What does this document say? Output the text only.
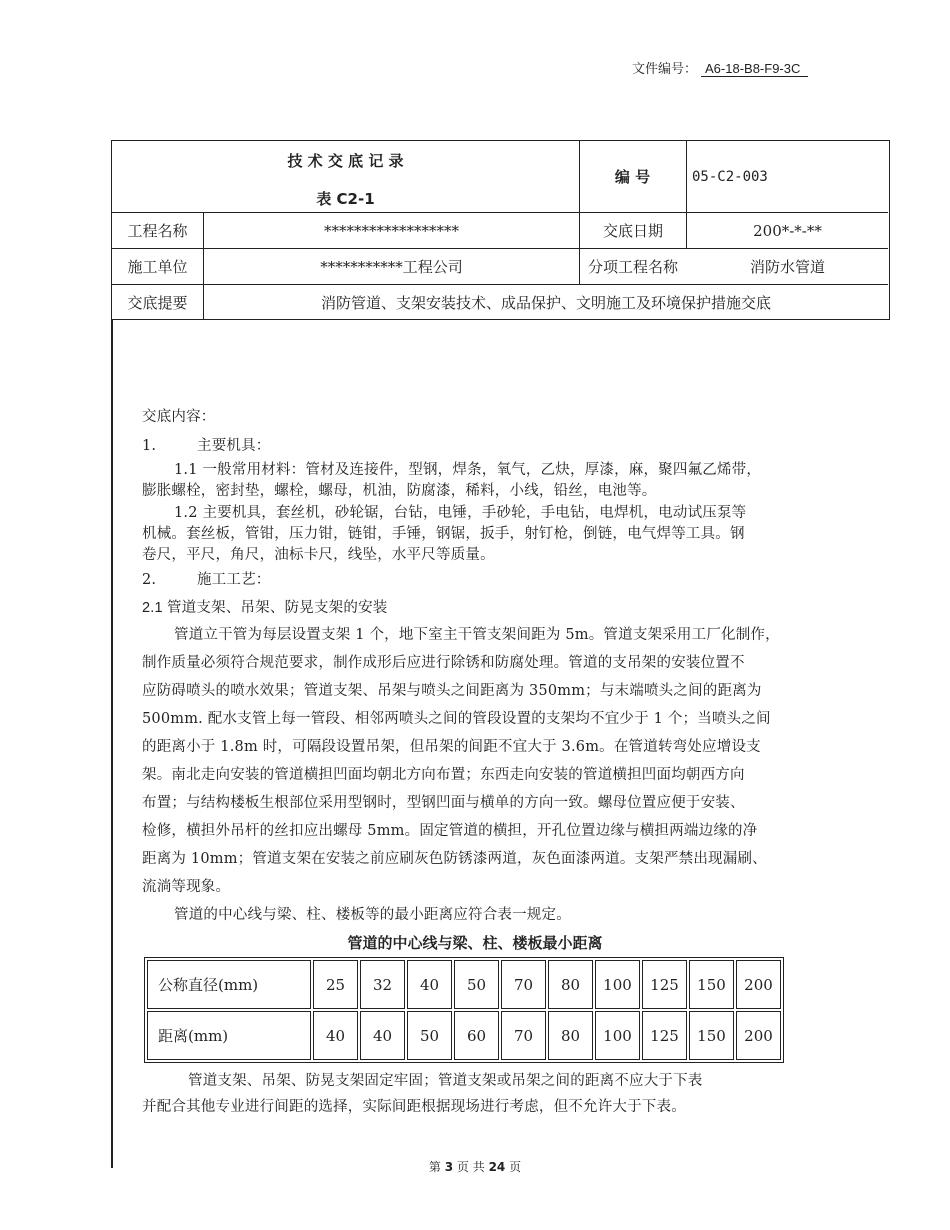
文件编号： A6-18-B8-F9-3C
技 术 交 底 记 录
表 C2-1
编 号	05-C2-003
工程名称	******************	交底日期	200*-*-**
施工单位	***********工程公司	分项工程名称	消防水管道
交底提要	消防管道、支架安装技术、成品保护、文明施工及环境保护措施交底
交底内容：
1.	主要机具：
1.1 一般常用材料：管材及连接件，型钢，焊条，氧气，乙炔，厚漆，麻，聚四氟乙烯带，
膨胀螺栓，密封垫，螺栓，螺母，机油，防腐漆，稀料，小线，铅丝，电池等。
1.2 主要机具，套丝机，砂轮锯，台钻，电锤，手砂轮，手电钻，电焊机，电动试压泵等
机械。套丝板，管钳，压力钳，链钳，手锤，钢锯，扳手，射钉枪，倒链，电气焊等工具。钢
卷尺，平尺，角尺，油标卡尺，线坠，水平尺等质量。
2.	施工工艺：
2.1 管道支架、吊架、防晃支架的安装
管道立干管为每层设置支架 1 个，地下室主干管支架间距为 5m。管道支架采用工厂化制作，
制作质量必须符合规范要求，制作成形后应进行除锈和防腐处理。管道的支吊架的安装位置不
应防碍喷头的喷水效果；管道支架、吊架与喷头之间距离为 350mm；与末端喷头之间的距离为
500mm. 配水支管上每一管段、相邻两喷头之间的管段设置的支架均不宜少于 1 个；当喷头之间
的距离小于 1.8m 时，可隔段设置吊架，但吊架的间距不宜大于 3.6m。在管道转弯处应增设支
架。南北走向安装的管道横担凹面均朝北方向布置；东西走向安装的管道横担凹面均朝西方向
布置；与结构楼板生根部位采用型钢时，型钢凹面与横单的方向一致。螺母位置应便于安装、
检修，横担外吊杆的丝扣应出螺母 5mm。固定管道的横担，开孔位置边缘与横担两端边缘的净
距离为 10mm；管道支架在安装之前应刷灰色防锈漆两道，灰色面漆两道。支架严禁出现漏刷、
流淌等现象。
管道的中心线与梁、柱、楼板等的最小距离应符合表一规定。
管道的中心线与梁、柱、楼板最小距离
公称直径(mm)	25	32	40	50	70	80	100	125	150	200
距离(mm)	40	40	50	60	70	80	100	125	150	200
管道支架、吊架、防晃支架固定牢固；管道支架或吊架之间的距离不应大于下表
并配合其他专业进行间距的选择，实际间距根据现场进行考虑，但不允许大于下表。
第 3 页 共 24 页
